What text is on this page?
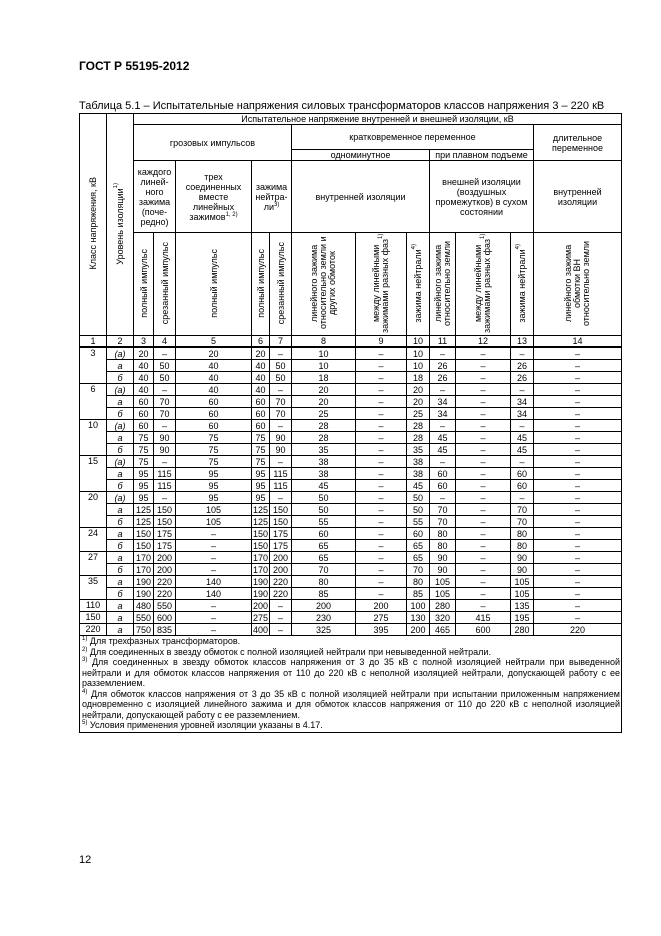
ГОСТ Р 55195-2012
Таблица 5.1 – Испытательные напряжения силовых трансформаторов классов напряжения 3 – 220 кВ
Класс напряжения, кВ	Уровень изоляции$^{1)}$	Испытательное напряжение внутренней и внешней изоляции, кВ											
		грозовых импульсов					кратковременное переменное						длительное переменное
							одноминутное			при плавном подъеме			
		каждого линей-ного зажима (поче-редно)		трех соединенных вместе линейных зажимов$^{1, 2)}$	зажима нейтра-$ли^{3)}$		внутренней изоляции			внешней изоляции (воздушных промежутков) в сухом состоянии			внутренней изоляции
		полный импульс	срезанный импульс	полный импульс	полный импульс	срезанный импульс	линейного зажима относительно земли и других обмоток	между линейными зажимами разных фаз$^{1)}$	зажима нейтрали$^{4)}$	линейного зажима относительно земли	между линейными зажимами разных фаз$^{1)}$	зажима нейтрали$^{4)}$	линейного зажима обмотки ВН относительно земли
1	2	3	4	5	6	7	8	9	10	11	12	13	14
3	(а)	20	–	20	20	–	10	–	10	–	–	–	–
	а	40	50	40	40	50	10	–	10	26	–	26	–
	б	40	50	40	40	50	18	–	18	26	–	26	–
6	(а)	40	–	40	40	–	20	–	20	–	–	–	–
	а	60	70	60	60	70	20	–	20	34	–	34	–
	б	60	70	60	60	70	25	–	25	34	–	34	–
10	(а)	60	–	60	60	–	28	–	28	–	–	–	–
	а	75	90	75	75	90	28	–	28	45	–	45	–
	б	75	90	75	75	90	35	–	35	45	–	45	–
15	(а)	75	–	75	75	–	38	–	38	–	–	–	–
	а	95	115	95	95	115	38	–	38	60	–	60	–
	б	95	115	95	95	115	45	–	45	60	–	60	–
20	(а)	95	–	95	95	–	50	–	50	–	–	–	–
	а	125	150	105	125	150	50	–	50	70	–	70	–
	б	125	150	105	125	150	55	–	55	70	–	70	–
24	а	150	175	–	150	175	60	–	60	80	–	80	–
	б	150	175	–	150	175	65	–	65	80	–	80	–
27	а	170	200	–	170	200	65	–	65	90	–	90	–
	б	170	200	–	170	200	70	–	70	90	–	90	–
35	а	190	220	140	190	220	80	–	80	105	–	105	–
	б	190	220	140	190	220	85	–	85	105	–	105	–
110	а	480	550	–	200	–	200	200	100	280	–	135	–
150	а	550	600	–	275	–	230	275	130	320	415	195	–
220	а	750	835	–	400	–	325	395	200	465	600	280	220

$^{1)}$ Для трехфазных трансформаторов.

$^{2)}$ Для соединенных в звезду обмоток с полной изоляцией нейтрали при невыведенной нейтрали.

$^{3)}$ Для соединенных в звезду обмоток классов напряжения от 3 до 35 кВ с полной изоляцией нейтрали при выведенной нейтрали и для обмоток классов напряжения от 110 до 220 кВ с неполной изоляцией нейтрали, допускающей работу с ее разземлением.

$^{4)}$ Для обмоток классов напряжения от 3 до 35 кВ с полной изоляцией нейтрали при испытании приложенным напряжением одновременно с изоляцией линейного зажима и для обмоток классов напряжения от 110 до 220 кВ с неполной изоляцией нейтрали, допускающей работу с ее разземлением.

$^{5)}$ Условия применения уровней изоляции указаны в 4.17.

12
